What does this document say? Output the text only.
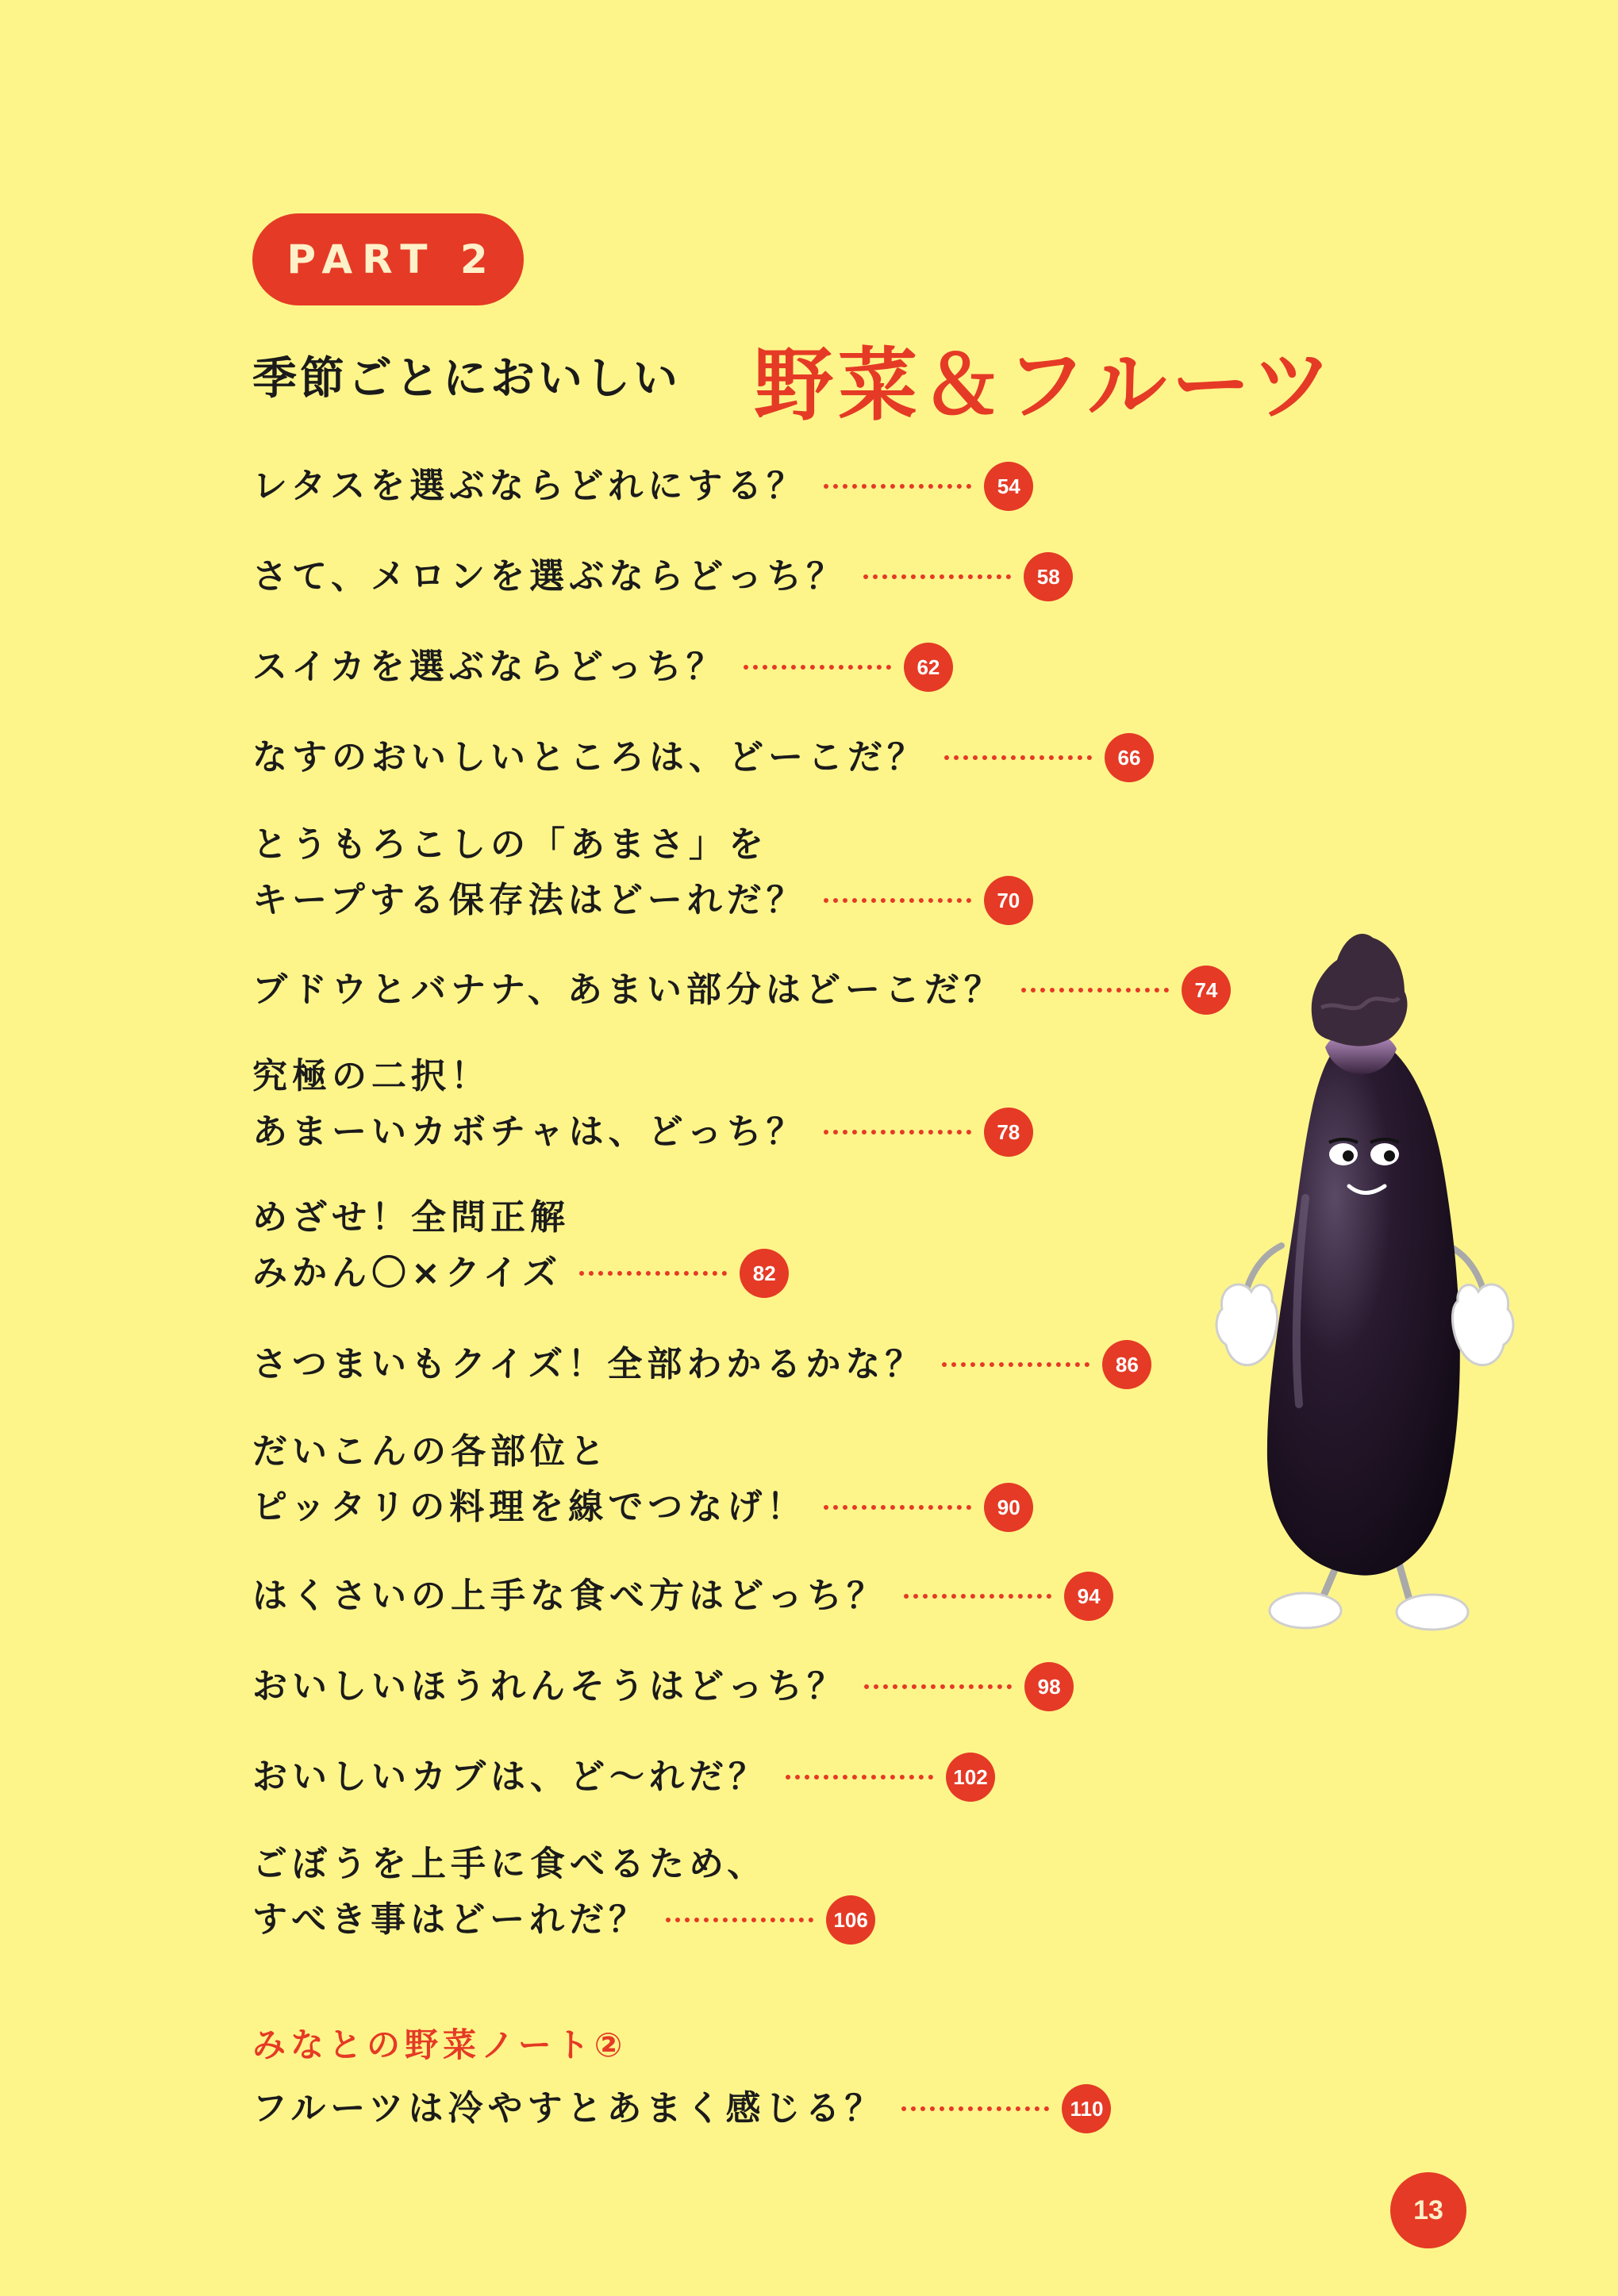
PART 2
季節ごとにおいしい 野菜＆フルーツ
レタスを選ぶならどれにする？	54
さて、メロンを選ぶならどっち？	58
スイカを選ぶならどっち？	62
なすのおいしいところは、どーこだ？	66
とうもろこしの「あまさ」を
キープする保存法はどーれだ？	70
ブドウとバナナ、あまい部分はどーこだ？	74
究極の二択！
あまーいカボチャは、どっち？	78
めざせ！全問正解
みかん〇×クイズ	82
さつまいもクイズ！全部わかるかな？	86
だいこんの各部位と
ピッタリの料理を線でつなげ！	90
はくさいの上手な食べ方はどっち？	94
おいしいほうれんそうはどっち？	98
おいしいカブは、ど〜れだ？	102
ごぼうを上手に食べるため、
すべき事はどーれだ？	106
みなとの野菜ノート②
フルーツは冷やすとあまく感じる？	110
13
